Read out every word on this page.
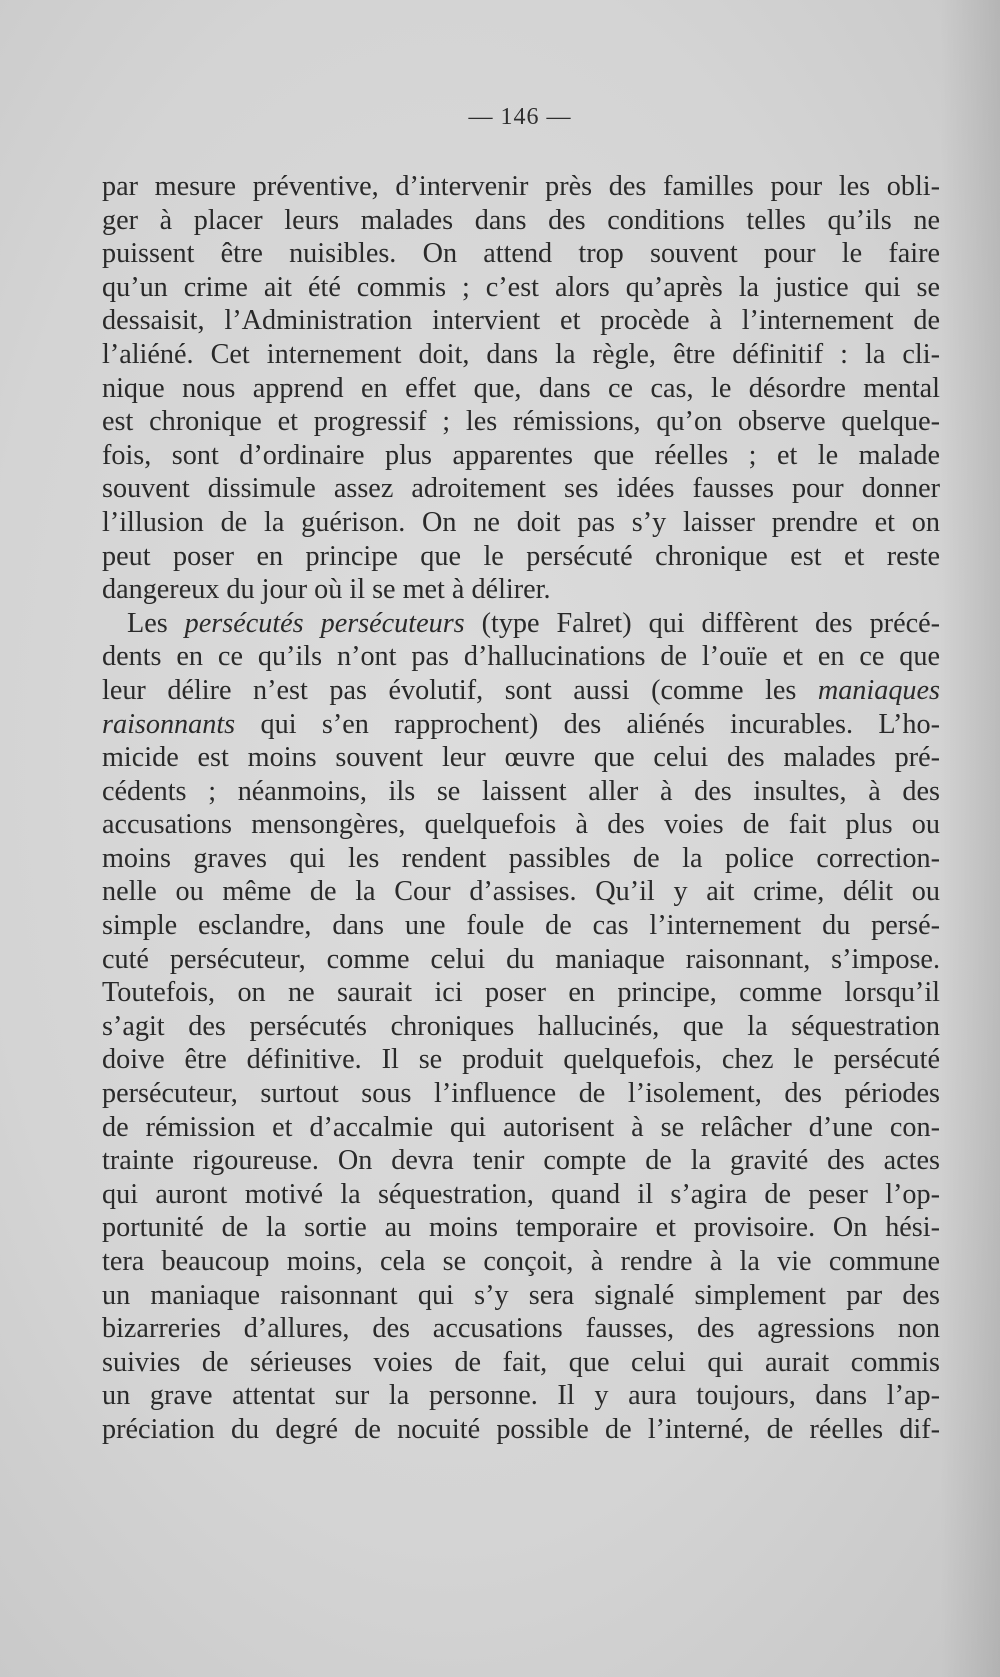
— 146 —
par mesure préventive, d’intervenir près des familles pour les obli-
ger à placer leurs malades dans des conditions telles qu’ils ne
puissent être nuisibles. On attend trop souvent pour le faire
qu’un crime ait été commis ; c’est alors qu’après la justice qui se
dessaisit, l’Administration intervient et procède à l’internement de
l’aliéné. Cet internement doit, dans la règle, être définitif : la cli-
nique nous apprend en effet que, dans ce cas, le désordre mental
est chronique et progressif ; les rémissions, qu’on observe quelque-
fois, sont d’ordinaire plus apparentes que réelles ; et le malade
souvent dissimule assez adroitement ses idées fausses pour donner
l’illusion de la guérison. On ne doit pas s’y laisser prendre et on
peut poser en principe que le persécuté chronique est et reste
dangereux du jour où il se met à délirer.
Les persécutés persécuteurs (type Falret) qui diffèrent des précé-
dents en ce qu’ils n’ont pas d’hallucinations de l’ouïe et en ce que
leur délire n’est pas évolutif, sont aussi (comme les maniaques
raisonnants qui s’en rapprochent) des aliénés incurables. L’ho-
micide est moins souvent leur œuvre que celui des malades pré-
cédents ; néanmoins, ils se laissent aller à des insultes, à des
accusations mensongères, quelquefois à des voies de fait plus ou
moins graves qui les rendent passibles de la police correction-
nelle ou même de la Cour d’assises. Qu’il y ait crime, délit ou
simple esclandre, dans une foule de cas l’internement du persé-
cuté persécuteur, comme celui du maniaque raisonnant, s’impose.
Toutefois, on ne saurait ici poser en principe, comme lorsqu’il
s’agit des persécutés chroniques hallucinés, que la séquestration
doive être définitive. Il se produit quelquefois, chez le persécuté
persécuteur, surtout sous l’influence de l’isolement, des périodes
de rémission et d’accalmie qui autorisent à se relâcher d’une con-
trainte rigoureuse. On devra tenir compte de la gravité des actes
qui auront motivé la séquestration, quand il s’agira de peser l’op-
portunité de la sortie au moins temporaire et provisoire. On hési-
tera beaucoup moins, cela se conçoit, à rendre à la vie commune
un maniaque raisonnant qui s’y sera signalé simplement par des
bizarreries d’allures, des accusations fausses, des agressions non
suivies de sérieuses voies de fait, que celui qui aurait commis
un grave attentat sur la personne. Il y aura toujours, dans l’ap-
préciation du degré de nocuité possible de l’interné, de réelles dif-
